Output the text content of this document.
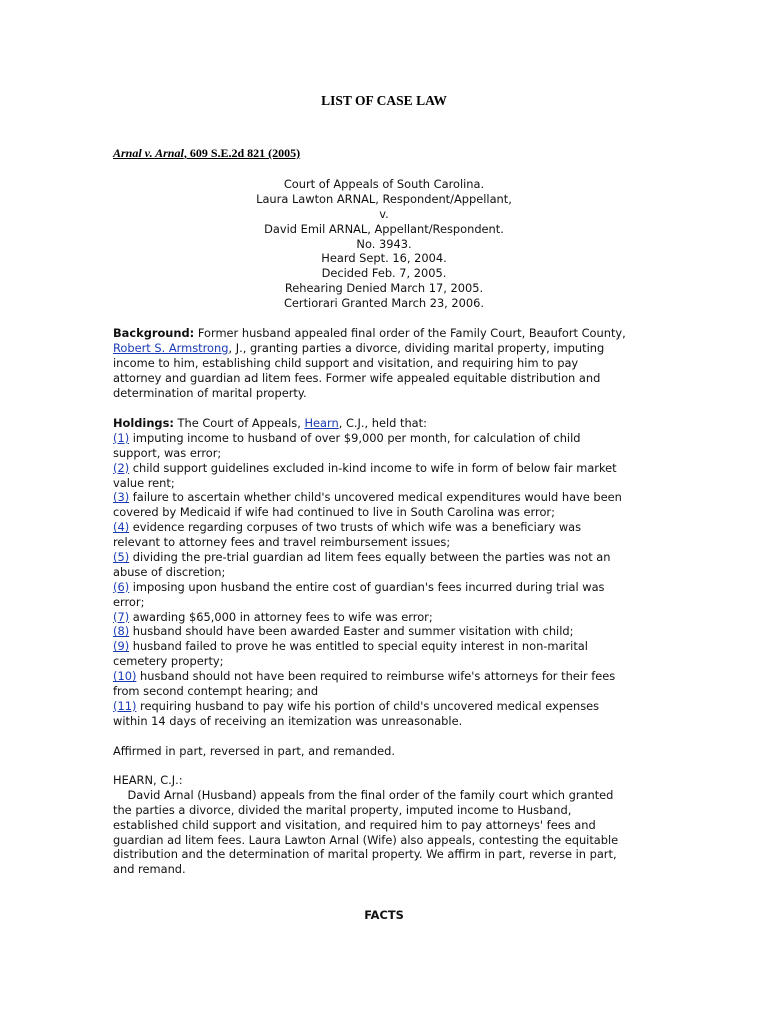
LIST OF CASE LAW
Arnal v. Arnal, 609 S.E.2d 821 (2005)
Court of Appeals of South Carolina.
Laura Lawton ARNAL, Respondent/Appellant,
v.
David Emil ARNAL, Appellant/Respondent.
No. 3943.
Heard Sept. 16, 2004.
Decided Feb. 7, 2005.
Rehearing Denied March 17, 2005.
Certiorari Granted March 23, 2006.
Background: Former husband appealed final order of the Family Court, Beaufort County,
Robert S. Armstrong, J., granting parties a divorce, dividing marital property, imputing
income to him, establishing child support and visitation, and requiring him to pay
attorney and guardian ad litem fees. Former wife appealed equitable distribution and
determination of marital property.
Holdings: The Court of Appeals, Hearn, C.J., held that:
(1) imputing income to husband of over $9,000 per month, for calculation of child
support, was error;
(2) child support guidelines excluded in-kind income to wife in form of below fair market
value rent;
(3) failure to ascertain whether child's uncovered medical expenditures would have been
covered by Medicaid if wife had continued to live in South Carolina was error;
(4) evidence regarding corpuses of two trusts of which wife was a beneficiary was
relevant to attorney fees and travel reimbursement issues;
(5) dividing the pre-trial guardian ad litem fees equally between the parties was not an
abuse of discretion;
(6) imposing upon husband the entire cost of guardian's fees incurred during trial was
error;
(7) awarding $65,000 in attorney fees to wife was error;
(8) husband should have been awarded Easter and summer visitation with child;
(9) husband failed to prove he was entitled to special equity interest in non-marital
cemetery property;
(10) husband should not have been required to reimburse wife's attorneys for their fees
from second contempt hearing; and
(11) requiring husband to pay wife his portion of child's uncovered medical expenses
within 14 days of receiving an itemization was unreasonable.
Affirmed in part, reversed in part, and remanded.
HEARN, C.J.:
David Arnal (Husband) appeals from the final order of the family court which granted
the parties a divorce, divided the marital property, imputed income to Husband,
established child support and visitation, and required him to pay attorneys' fees and
guardian ad litem fees. Laura Lawton Arnal (Wife) also appeals, contesting the equitable
distribution and the determination of marital property. We affirm in part, reverse in part,
and remand.
FACTS
